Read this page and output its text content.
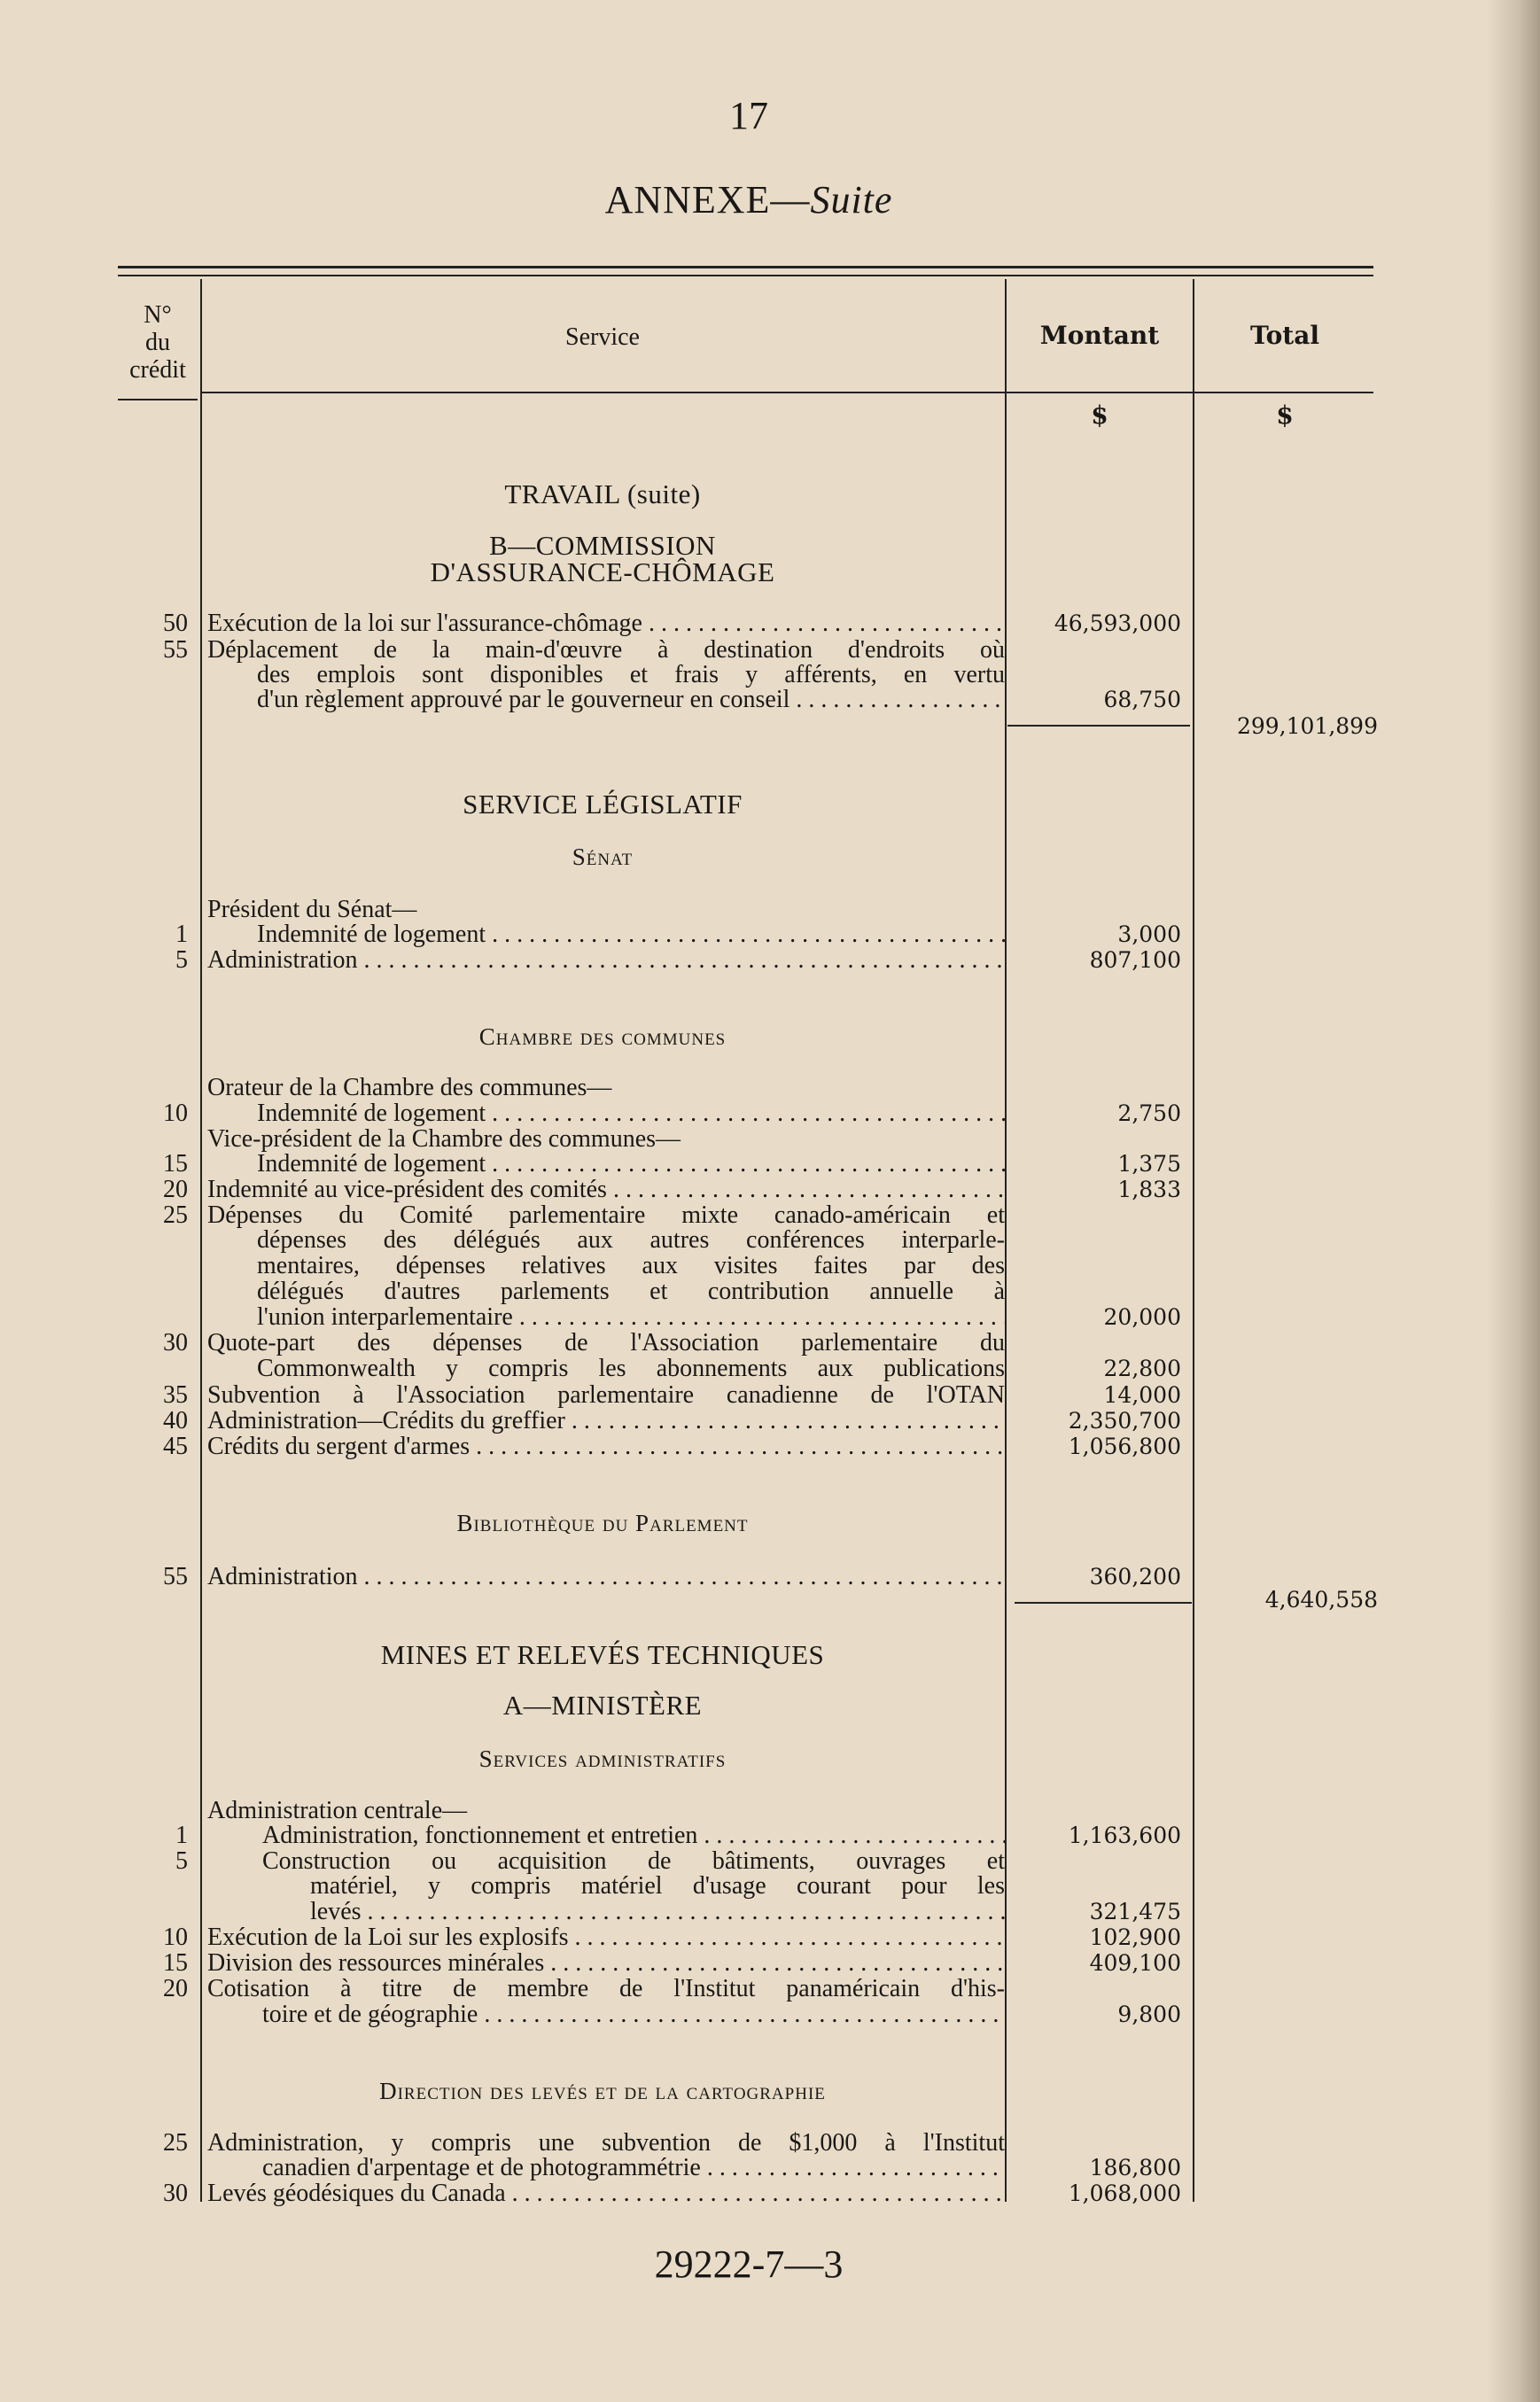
17
ANNEXE—Suite
N°
du
crédit
Service	Montant	Total
$	$
TRAVAIL (suite)
B—COMMISSION
D'ASSURANCE-CHÔMAGE
50 Exécution de la loi sur l'assurance-chômage . . .	46,593,000
55 Déplacement de la main-d'œuvre à destination d'endroits où
des emplois sont disponibles et frais y afférents, en vertu
d'un règlement approuvé par le gouverneur en conseil . . .	68,750
299,101,899
SERVICE LÉGISLATIF
Sénat
Président du Sénat—
1	Indemnité de logement . . .	3,000
5 Administration . . .	807,100
Chambre des communes
Orateur de la Chambre des communes—
10	Indemnité de logement . . .	2,750
Vice-président de la Chambre des communes—
15	Indemnité de logement . . .	1,375
20 Indemnité au vice-président des comités . . .	1,833
25 Dépenses du Comité parlementaire mixte canado-américain et
dépenses des délégués aux autres conférences interparle-
mentaires, dépenses relatives aux visites faites par des
délégués d'autres parlements et contribution annuelle à
l'union interparlementaire . . .	20,000
30 Quote-part des dépenses de l'Association parlementaire du
Commonwealth y compris les abonnements aux publications	22,800
35 Subvention à l'Association parlementaire canadienne de l'OTAN	14,000
40 Administration—Crédits du greffier . . .	2,350,700
45 Crédits du sergent d'armes . . .	1,056,800
Bibliothèque du Parlement
55 Administration . . .	360,200
4,640,558
MINES ET RELEVÉS TECHNIQUES
A—MINISTÈRE
Services administratifs
Administration centrale—
1	Administration, fonctionnement et entretien . . .	1,163,600
5	Construction ou acquisition de bâtiments, ouvrages et
matériel, y compris matériel d'usage courant pour les
levés . . .	321,475
10 Exécution de la Loi sur les explosifs . . .	102,900
15 Division des ressources minérales . . .	409,100
20 Cotisation à titre de membre de l'Institut panaméricain d'his-
toire et de géographie . . .	9,800
Direction des levés et de la cartographie
25 Administration, y compris une subvention de $1,000 à l'Institut
canadien d'arpentage et de photogrammétrie . . .	186,800
30 Levés géodésiques du Canada . . .	1,068,000
29222-7—3
